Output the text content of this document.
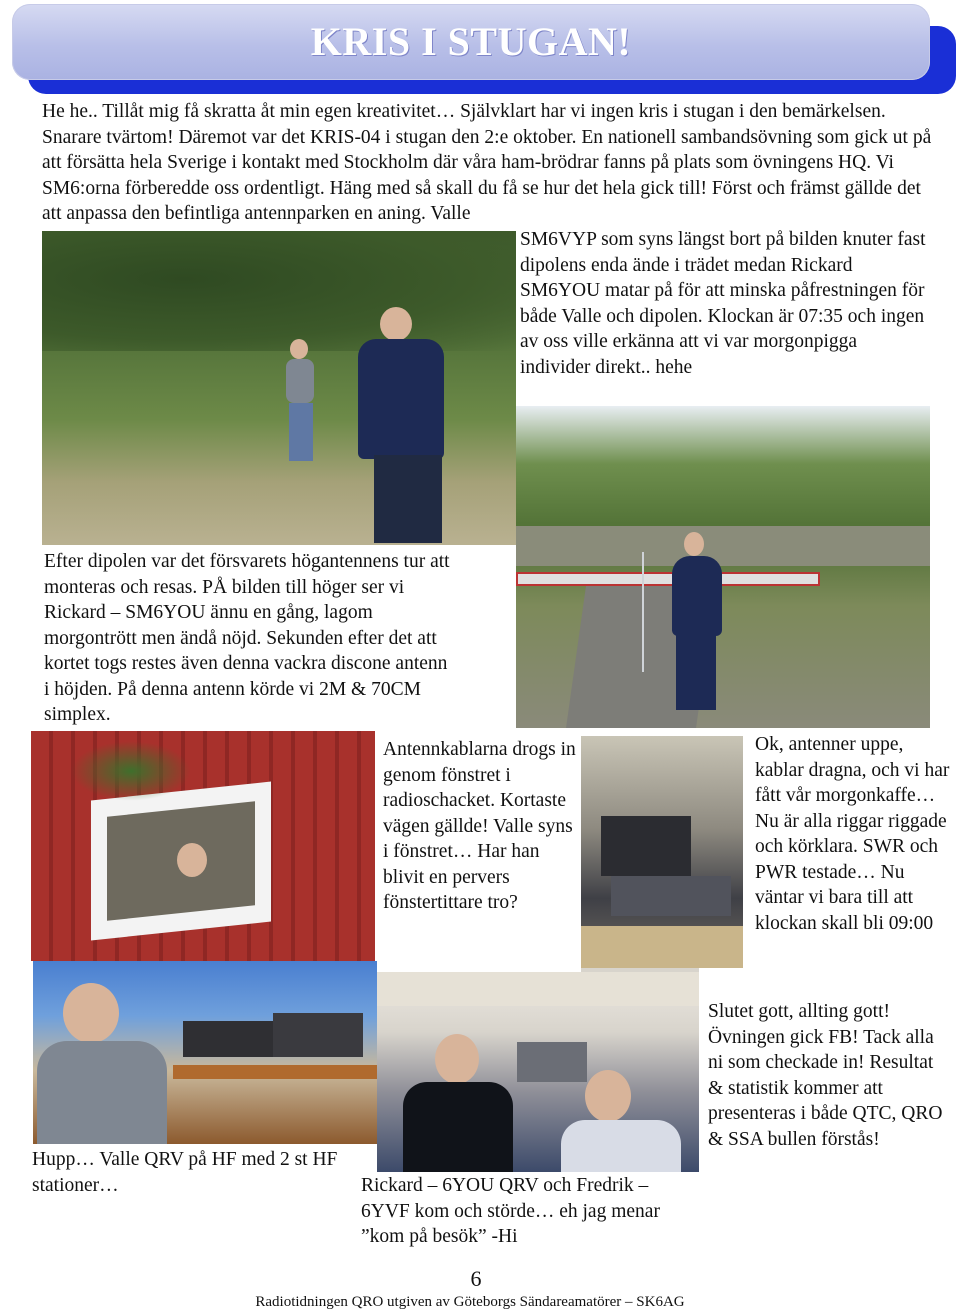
KRIS I STUGAN!
He he.. Tillåt mig få skratta åt min egen kreativitet… Självklart har vi ingen kris i stugan i den bemärkelsen. Snarare tvärtom! Däremot var det KRIS-04 i stugan den 2:e oktober. En nationell sambandsövning som gick ut på att försätta hela Sverige i kontakt med Stockholm där våra ham-brödrar fanns på plats som övningens HQ. Vi SM6:orna förberedde oss ordentligt. Häng med så skall du få se hur det hela gick till! Först och främst gällde det att anpassa den befintliga antennparken en aning. Valle
SM6VYP som syns längst bort på bilden knuter fast dipolens enda ände i trädet medan Rickard SM6YOU matar på för att minska påfrestningen för både Valle och dipolen. Klockan är 07:35 och ingen av oss ville erkänna att vi var morgonpigga individer direkt.. hehe
Efter dipolen var det försvarets högantennens tur att monteras och resas. PÅ bilden till höger ser vi Rickard – SM6YOU ännu en gång, lagom morgontrött men ändå nöjd. Sekunden efter det att kortet togs restes även denna vackra discone antenn i höjden. På denna antenn körde vi 2M & 70CM simplex.
Antennkablarna drogs in genom fönstret i radioschacket. Kortaste vägen gällde! Valle syns i fönstret… Har han blivit en pervers fönstertittare tro?
Ok, antenner uppe, kablar dragna, och vi har fått vår morgonkaffe… Nu är alla riggar riggade och körklara. SWR och PWR testade… Nu väntar vi bara till att klockan skall bli 09:00
Hupp… Valle QRV på HF med 2 st HF stationer…	Rickard – 6YOU QRV och Fredrik – 6YVF kom och störde… eh jag menar ”kom på besök” -Hi
Slutet gott, allting gott! Övningen gick FB! Tack alla ni som checkade in! Resultat & statistik kommer att presenteras i både QTC, QRO & SSA bullen förstås!
6
Radiotidningen QRO utgiven av Göteborgs Sändareamatörer – SK6AG
